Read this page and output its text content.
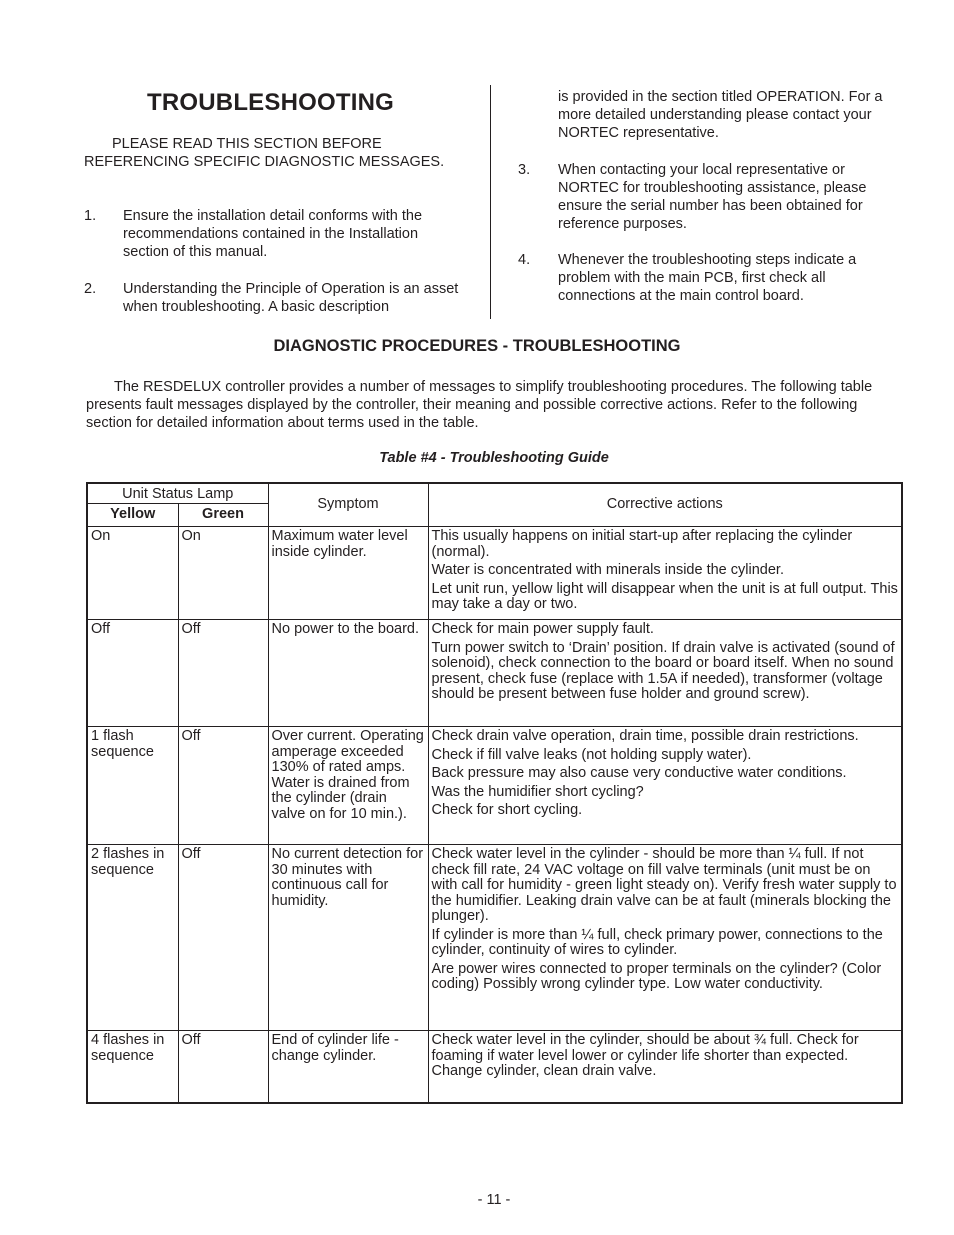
TROUBLESHOOTING
PLEASE READ THIS SECTION BEFORE REFERENCING SPECIFIC DIAGNOSTIC MESSAGES.
1. Ensure the installation detail conforms with the recommendations contained in the Installation section of this manual.
2. Understanding the Principle of Operation is an asset when troubleshooting. A basic description
is provided in the section titled OPERATION. For a more detailed understanding please contact your NORTEC representative.
3. When contacting your local representative or NORTEC for troubleshooting assistance, please ensure the serial number has been obtained for reference purposes.
4. Whenever the troubleshooting steps indicate a problem with the main PCB, first check all connections at the main control board.
DIAGNOSTIC PROCEDURES - TROUBLESHOOTING
The RESDELUX controller provides a number of messages to simplify troubleshooting procedures. The following table presents fault messages displayed by the controller, their meaning and possible corrective actions. Refer to the following section for detailed information about terms used in the table.
Table #4 - Troubleshooting Guide
Unit Status Lamp		Symptom	Corrective actions
Yellow	Green		
On	On	Maximum water level inside cylinder.	This usually happens on initial start-up after replacing the cylinder (normal).

Water is concentrated with minerals inside the cylinder.

Let unit run, yellow light will disappear when the unit is at full output. This may take a day or two.

Off	Off	No power to the board.	Check for main power supply fault.

Turn power switch to ‘Drain’ position. If drain valve is activated (sound of solenoid), check connection to the board or board itself. When no sound present, check fuse (replace with 1.5A if needed), transformer (voltage should be present between fuse holder and ground screw).

1 flash sequence	Off	Over current. Operating amperage exceeded 130% of rated amps. Water is drained from the cylinder (drain valve on for 10 min.).	Check drain valve operation, drain time, possible drain restrictions.

Check if fill valve leaks (not holding supply water).

Back pressure may also cause very conductive water conditions.

Was the humidifier short cycling?

Check for short cycling.

2 flashes in sequence	Off	No current detection for 30 minutes with continuous call for humidity.	Check water level in the cylinder - should be more than ¼ full. If not check fill rate, 24 VAC voltage on fill valve terminals (unit must be on with call for humidity - green light steady on). Verify fresh water supply to the humidifier. Leaking drain valve can be at fault (minerals blocking the plunger).

If cylinder is more than ¼ full, check primary power, connections to the cylinder, continuity of wires to cylinder.

Are power wires connected to proper terminals on the cylinder? (Color coding) Possibly wrong cylinder type. Low water conductivity.

4 flashes in sequence	Off	End of cylinder life - change cylinder.	Check water level in the cylinder, should be about ¾ full. Check for foaming if water level lower or cylinder life shorter than expected. Change cylinder, clean drain valve.

- 11 -
